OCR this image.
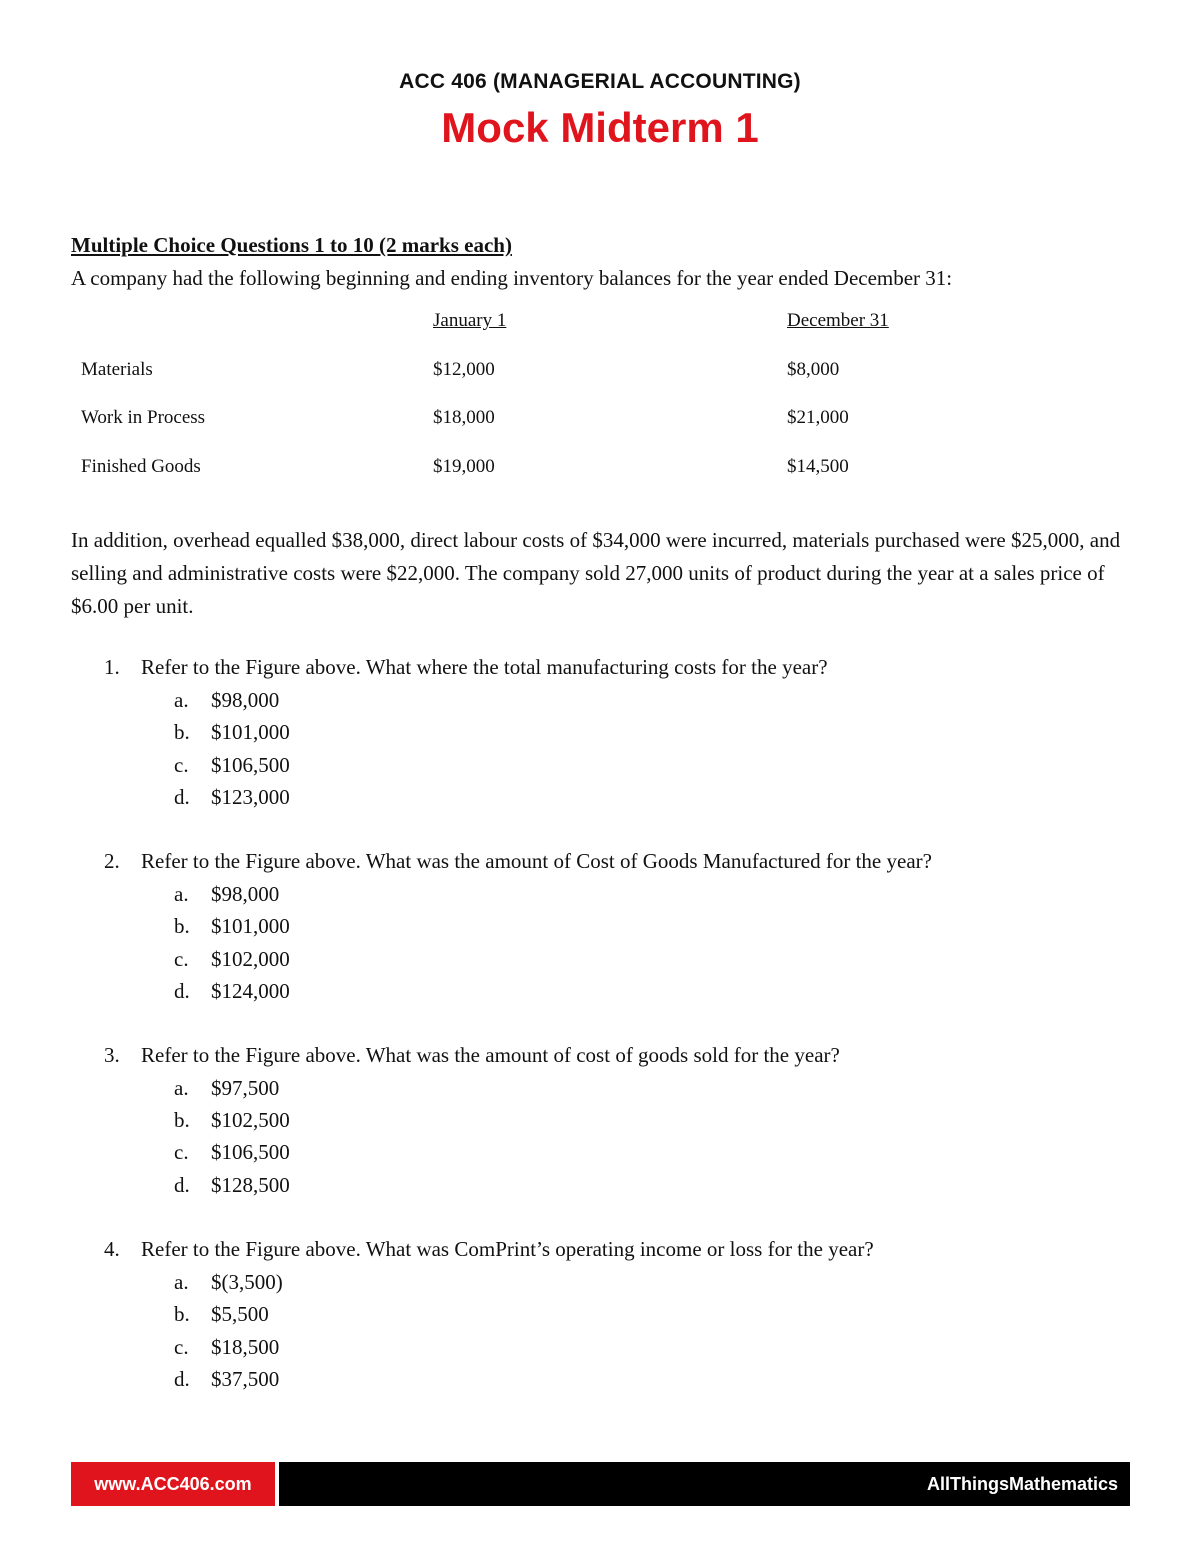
ACC 406 (MANAGERIAL ACCOUNTING)
Mock Midterm 1
Multiple Choice Questions 1 to 10 (2 marks each)
A company had the following beginning and ending inventory balances for the year ended December 31:
January 1	December 31
Materials	$12,000	$8,000
Work in Process	$18,000	$21,000
Finished Goods	$19,000	$14,500
In addition, overhead equalled $38,000, direct labour costs of $34,000 were incurred, materials purchased were $25,000, and selling and administrative costs were $22,000. The company sold 27,000 units of product during the year at a sales price of $6.00 per unit.
1. Refer to the Figure above. What where the total manufacturing costs for the year?
a. $98,000
b. $101,000
c. $106,500
d. $123,000
2. Refer to the Figure above. What was the amount of Cost of Goods Manufactured for the year?
a. $98,000
b. $101,000
c. $102,000
d. $124,000
3. Refer to the Figure above. What was the amount of cost of goods sold for the year?
a. $97,500
b. $102,500
c. $106,500
d. $128,500
4. Refer to the Figure above. What was ComPrint’s operating income or loss for the year?
a. $(3,500)
b. $5,500
c. $18,500
d. $37,500
www.ACC406.com	AllThingsMathematics
